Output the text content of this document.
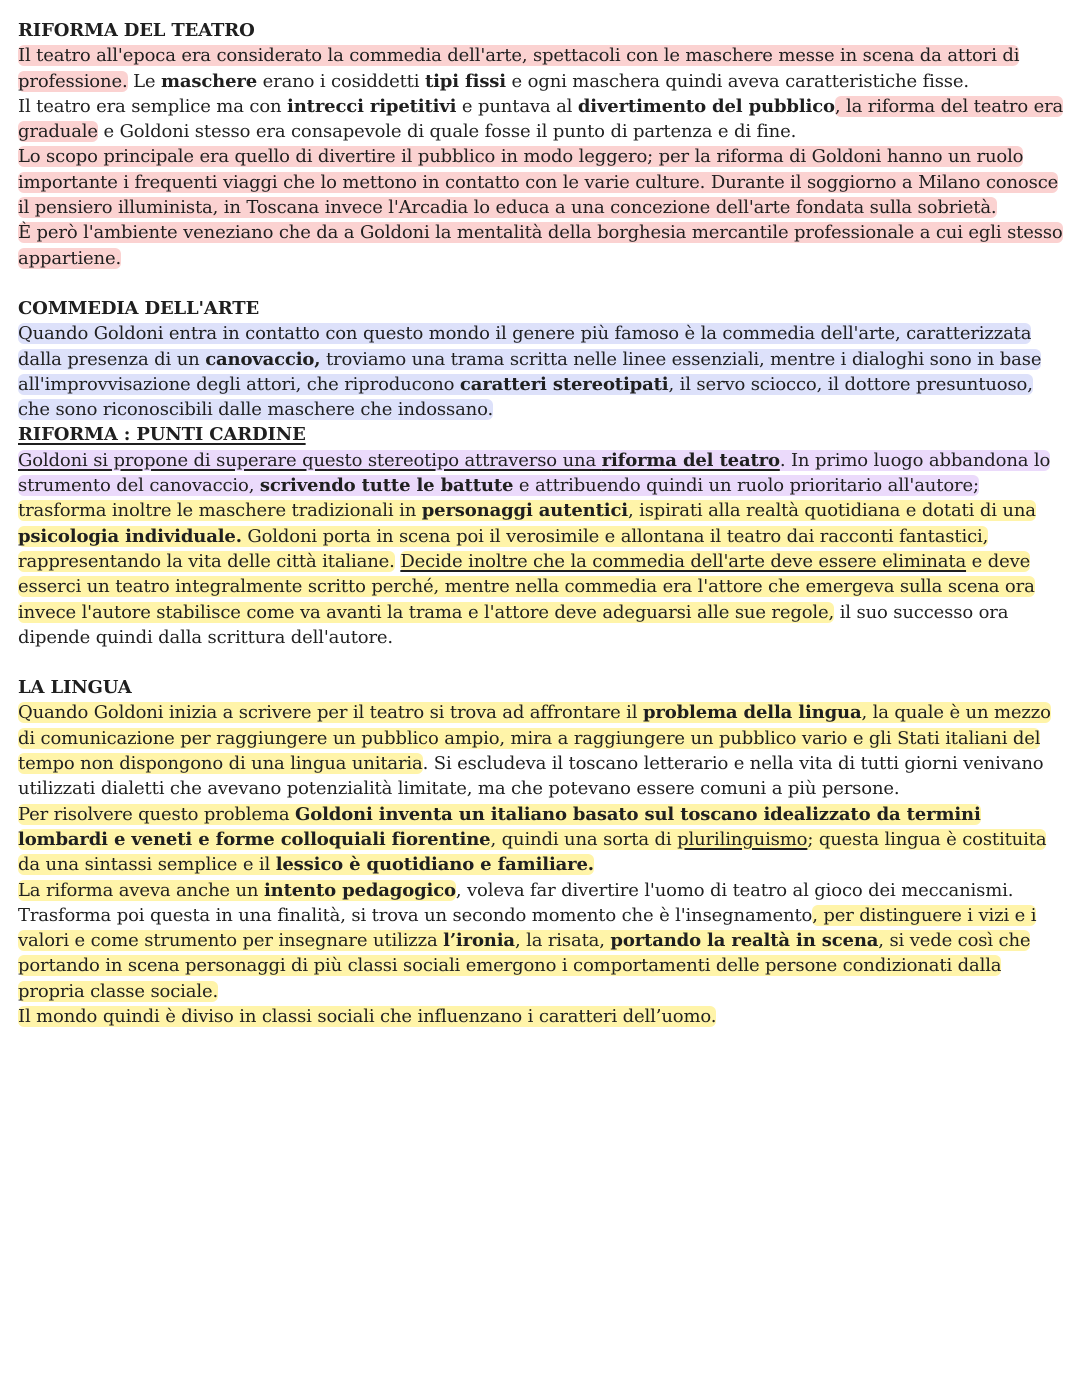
RIFORMA DEL TEATRO

Il teatro all'epoca era considerato la commedia dell'arte, spettacoli con le maschere messe in scena da attori di professione. Le maschere erano i cosiddetti tipi fissi e ogni maschera quindi aveva caratteristiche fisse.

Il teatro era semplice ma con intrecci ripetitivi e puntava al divertimento del pubblico, la riforma del teatro era graduale e Goldoni stesso era consapevole di quale fosse il punto di partenza e di fine.

Lo scopo principale era quello di divertire il pubblico in modo leggero; per la riforma di Goldoni hanno un ruolo importante i frequenti viaggi che lo mettono in contatto con le varie culture. Durante il soggiorno a Milano conosce il pensiero illuminista, in Toscana invece l'Arcadia lo educa a una concezione dell'arte fondata sulla sobrietà.

È però l'ambiente veneziano che da a Goldoni la mentalità della borghesia mercantile professionale a cui egli stesso appartiene.

COMMEDIA DELL'ARTE

Quando Goldoni entra in contatto con questo mondo il genere più famoso è la commedia dell'arte, caratterizzata dalla presenza di un canovaccio, troviamo una trama scritta nelle linee essenziali, mentre i dialoghi sono in base all'improvvisazione degli attori, che riproducono caratteri stereotipati, il servo sciocco, il dottore presuntuoso, che sono riconoscibili dalle maschere che indossano.

RIFORMA : PUNTI CARDINE

Goldoni si propone di superare questo stereotipo attraverso una riforma del teatro. In primo luogo abbandona lo strumento del canovaccio, scrivendo tutte le battute e attribuendo quindi un ruolo prioritario all'autore; trasforma inoltre le maschere tradizionali in personaggi autentici, ispirati alla realtà quotidiana e dotati di una psicologia individuale. Goldoni porta in scena poi il verosimile e allontana il teatro dai racconti fantastici, rappresentando la vita delle città italiane. Decide inoltre che la commedia dell'arte deve essere eliminata e deve esserci un teatro integralmente scritto perché, mentre nella commedia era l'attore che emergeva sulla scena ora invece l'autore stabilisce come va avanti la trama e l'attore deve adeguarsi alle sue regole, il suo successo ora dipende quindi dalla scrittura dell'autore.

LA LINGUA

Quando Goldoni inizia a scrivere per il teatro si trova ad affrontare il problema della lingua, la quale è un mezzo di comunicazione per raggiungere un pubblico ampio, mira a raggiungere un pubblico vario e gli Stati italiani del tempo non dispongono di una lingua unitaria. Si escludeva il toscano letterario e nella vita di tutti giorni venivano utilizzati dialetti che avevano potenzialità limitate, ma che potevano essere comuni a più persone.

Per risolvere questo problema Goldoni inventa un italiano basato sul toscano idealizzato da termini lombardi e veneti e forme colloquiali fiorentine, quindi una sorta di plurilinguismo; questa lingua è costituita da una sintassi semplice e il lessico è quotidiano e familiare.

La riforma aveva anche un intento pedagogico, voleva far divertire l'uomo di teatro al gioco dei meccanismi. Trasforma poi questa in una finalità, si trova un secondo momento che è l'insegnamento, per distinguere i vizi e i valori e come strumento per insegnare utilizza l’ironia, la risata, portando la realtà in scena, si vede così che portando in scena personaggi di più classi sociali emergono i comportamenti delle persone condizionati dalla propria classe sociale.

Il mondo quindi è diviso in classi sociali che influenzano i caratteri dell’uomo.
